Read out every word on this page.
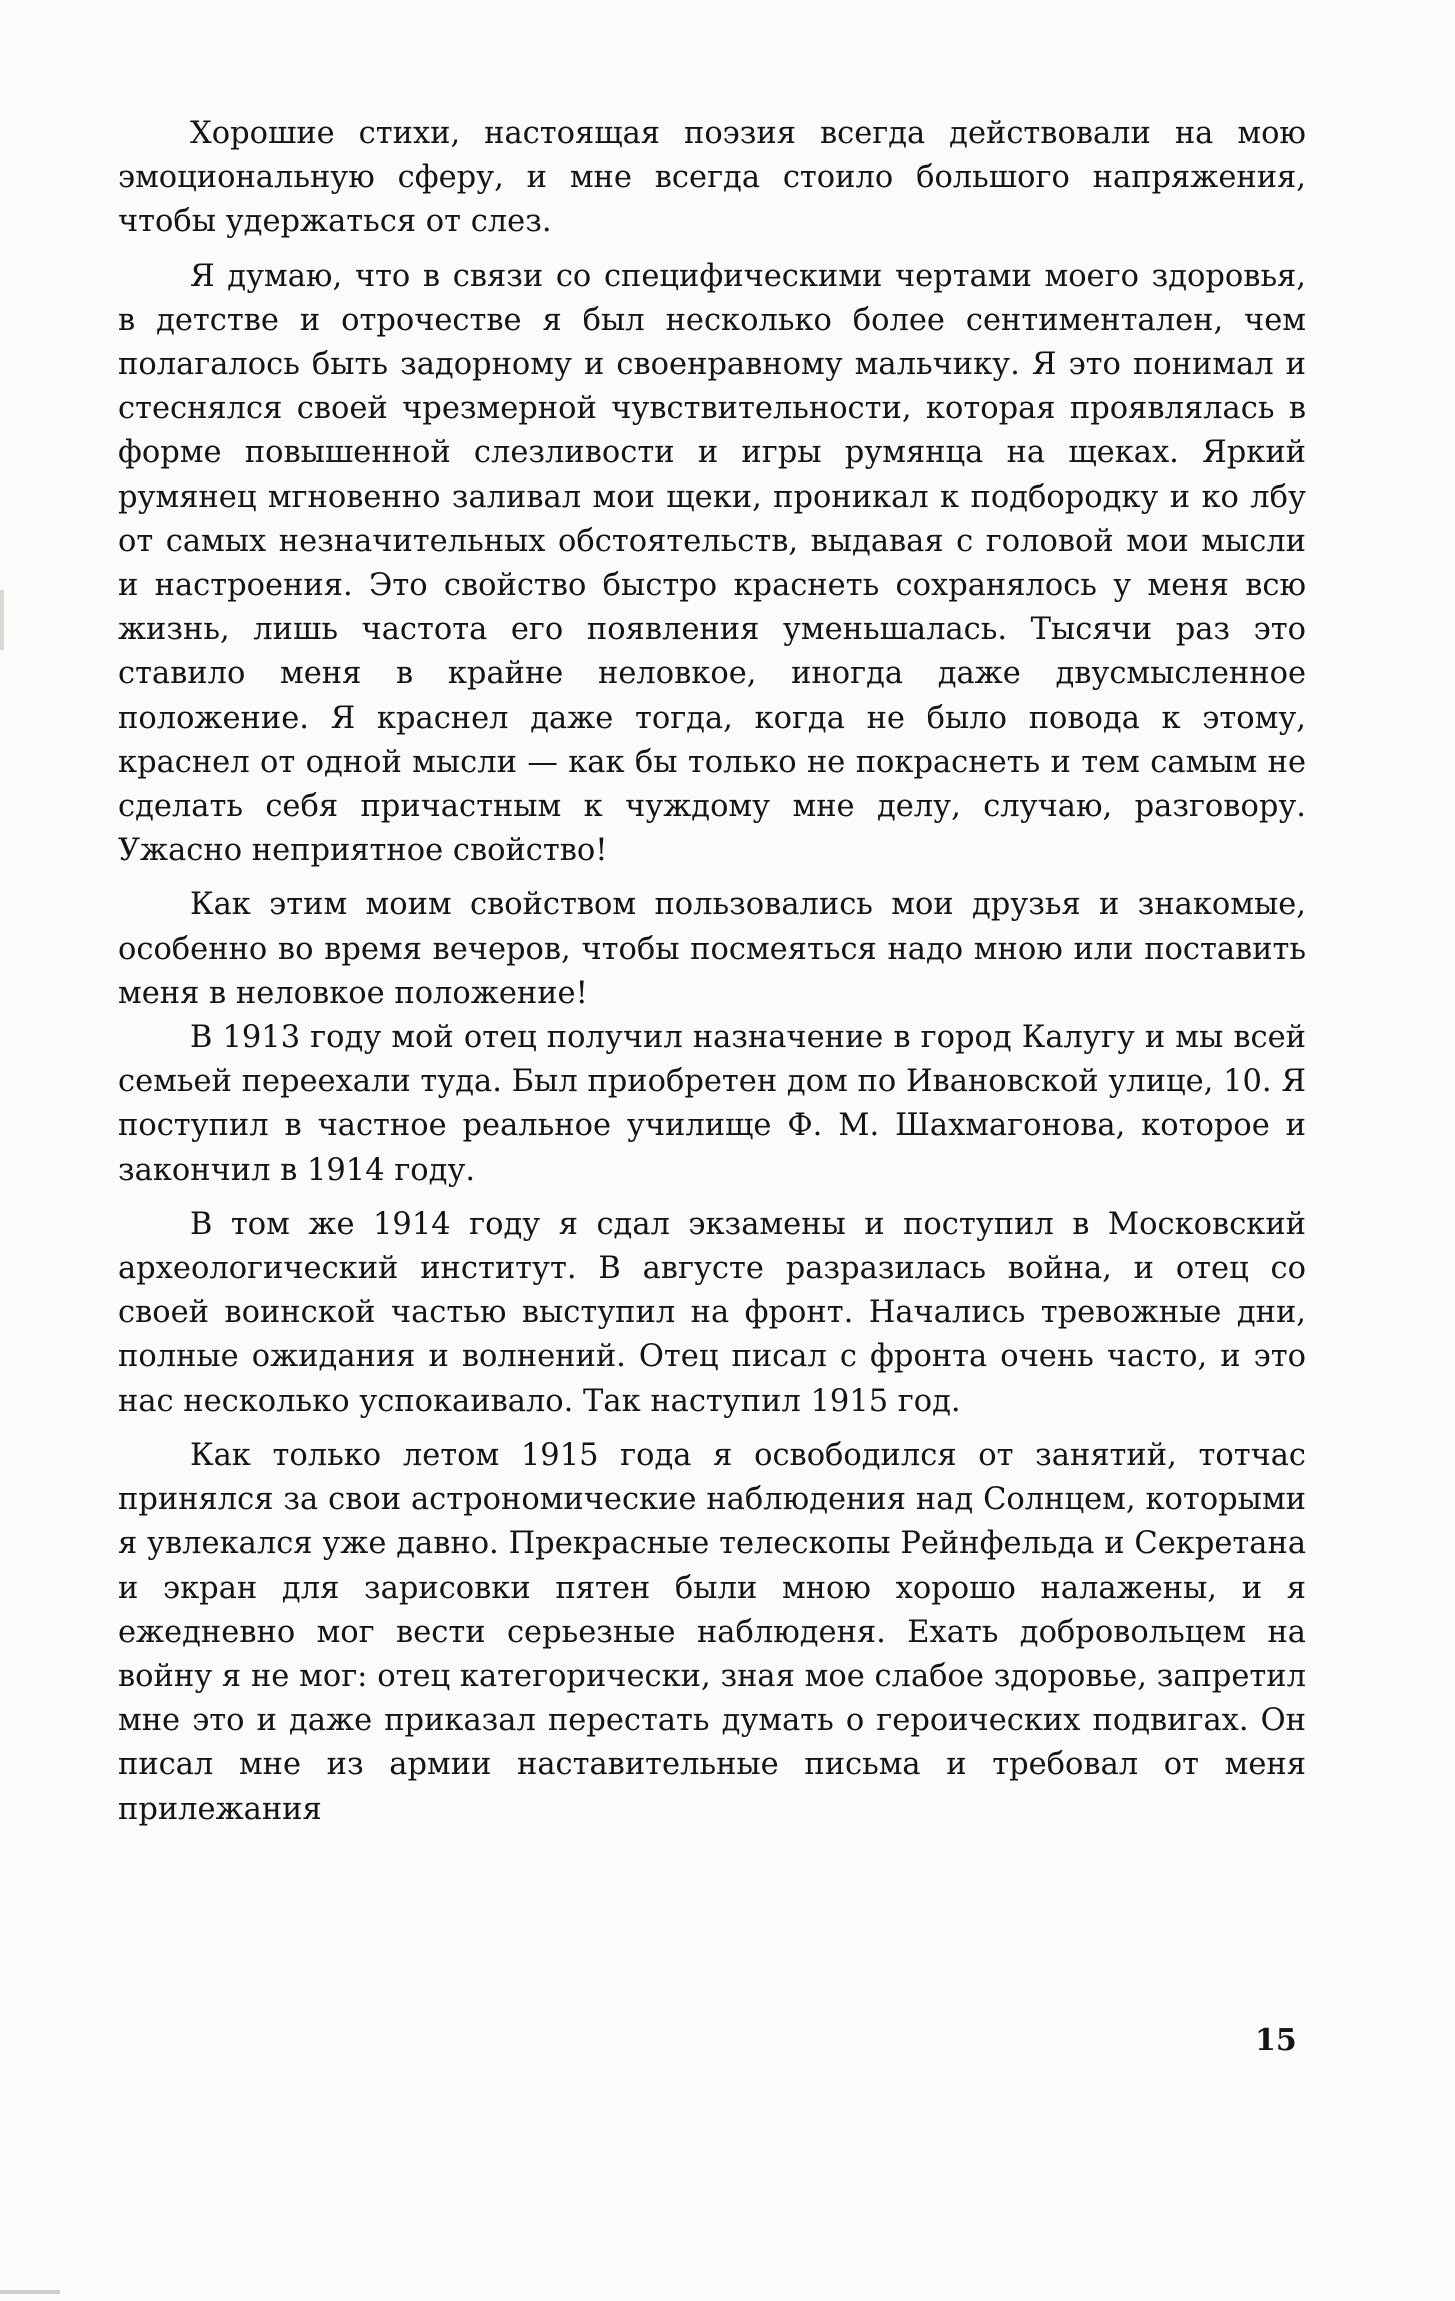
Хорошие стихи, настоящая поэзия всегда действовали на мою эмоциональную сферу, и мне всегда стоило большого напряжения, чтобы удержаться от слез.

Я думаю, что в связи со специфическими чертами моего здоровья, в детстве и отрочестве я был несколько более сентиментален, чем полагалось быть задорному и своенравному мальчику. Я это понимал и стеснялся своей чрезмерной чувствительности, которая проявлялась в форме повышенной слезливости и игры румянца на щеках. Яркий румянец мгновенно заливал мои щеки, проникал к подбородку и ко лбу от самых незначительных обстоятельств, выдавая с головой мои мысли и настроения. Это свойство быстро краснеть сохранялось у меня всю жизнь, лишь частота его появления уменьшалась. Тысячи раз это ставило меня в крайне неловкое, иногда даже двусмысленное положение. Я краснел даже тогда, когда не было повода к этому, краснел от одной мысли — как бы только не покраснеть и тем самым не сделать себя причастным к чуждому мне делу, случаю, разговору. Ужасно неприятное свойство!

Как этим моим свойством пользовались мои друзья и знакомые, особенно во время вечеров, чтобы посмеяться надо мною или поставить меня в неловкое положение!

В 1913 году мой отец получил назначение в город Калугу и мы всей семьей переехали туда. Был приобретен дом по Ивановской улице, 10. Я поступил в частное реальное училище Ф. М. Шахмагонова, которое и закончил в 1914 году.

В том же 1914 году я сдал экзамены и поступил в Московский археологический институт. В августе разразилась война, и отец со своей воинской частью выступил на фронт. Начались тревожные дни, полные ожидания и волнений. Отец писал с фронта очень часто, и это нас несколько успокаивало. Так наступил 1915 год.

Как только летом 1915 года я освободился от занятий, тотчас принялся за свои астрономические наблюдения над Солнцем, которыми я увлекался уже давно. Прекрасные телескопы Рейнфельда и Секретана и экран для зарисовки пятен были мною хорошо налажены, и я ежедневно мог вести серьезные наблюденя. Ехать добровольцем на войну я не мог: отец категорически, зная мое слабое здоровье, запретил мне это и даже приказал перестать думать о героических подвигах. Он писал мне из армии наставительные письма и требовал от меня прилежания

15
